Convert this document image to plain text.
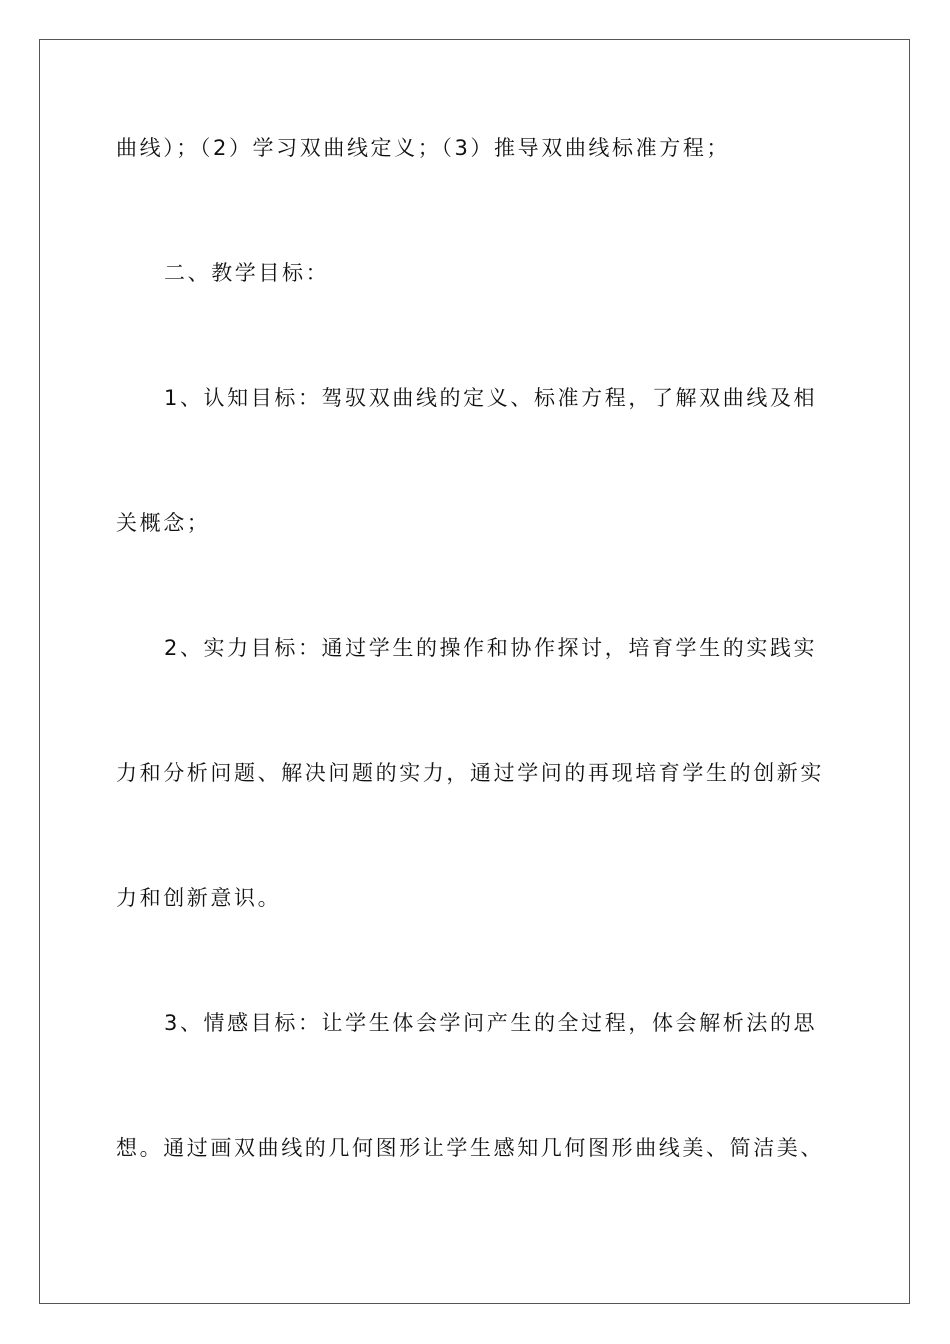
曲线）；（2）学习双曲线定义；（3）推导双曲线标准方程；
二、教学目标：
1、认知目标：驾驭双曲线的定义、标准方程，了解双曲线及相
关概念；
2、实力目标：通过学生的操作和协作探讨，培育学生的实践实
力和分析问题、解决问题的实力，通过学问的再现培育学生的创新实
力和创新意识。
3、情感目标：让学生体会学问产生的全过程，体会解析法的思
想。通过画双曲线的几何图形让学生感知几何图形曲线美、简洁美、
